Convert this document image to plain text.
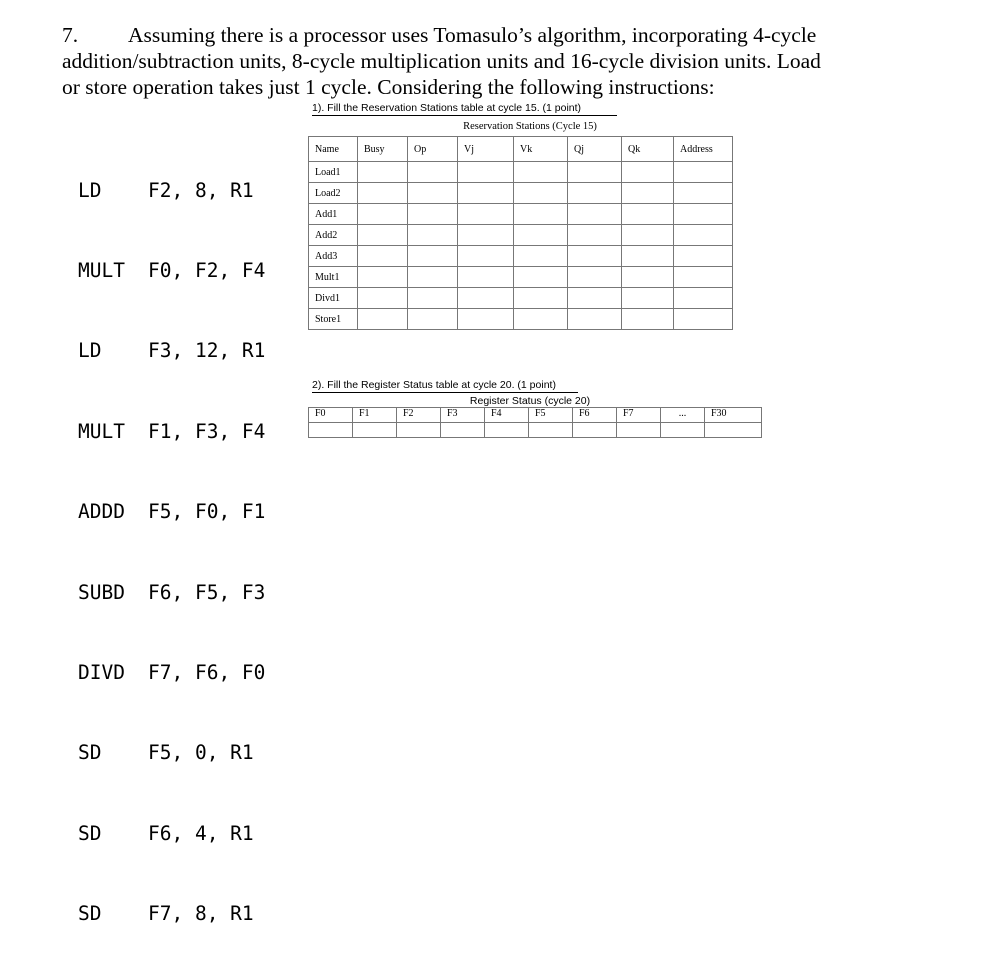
7. Assuming there is a processor uses Tomasulo’s algorithm, incorporating 4-cycle
addition/subtraction units, 8-cycle multiplication units and 16-cycle division units. Load
or store operation takes just 1 cycle. Considering the following instructions:

LD F2, 8, R1

MULT F0, F2, F4

LD F3, 12, R1

MULT F1, F3, F4

ADDD F5, F0, F1

SUBD F6, F5, F3

DIVD F7, F6, F0

SD F5, 0, R1

SD F6, 4, R1

SD F7, 8, R1

1). Fill the Reservation Stations table at cycle 15. (1 point)
Reservation Stations (Cycle 15)
Name	Busy	Op	Vj	Vk	Qj	Qk	Address
Load1							
Load2							
Add1							
Add2							
Add3							
Mult1							
Divd1							
Store1							
2). Fill the Register Status table at cycle 20. (1 point)
Register Status (cycle 20)
F0	F1	F2	F3	F4	F5	F6	F7	...	F30
